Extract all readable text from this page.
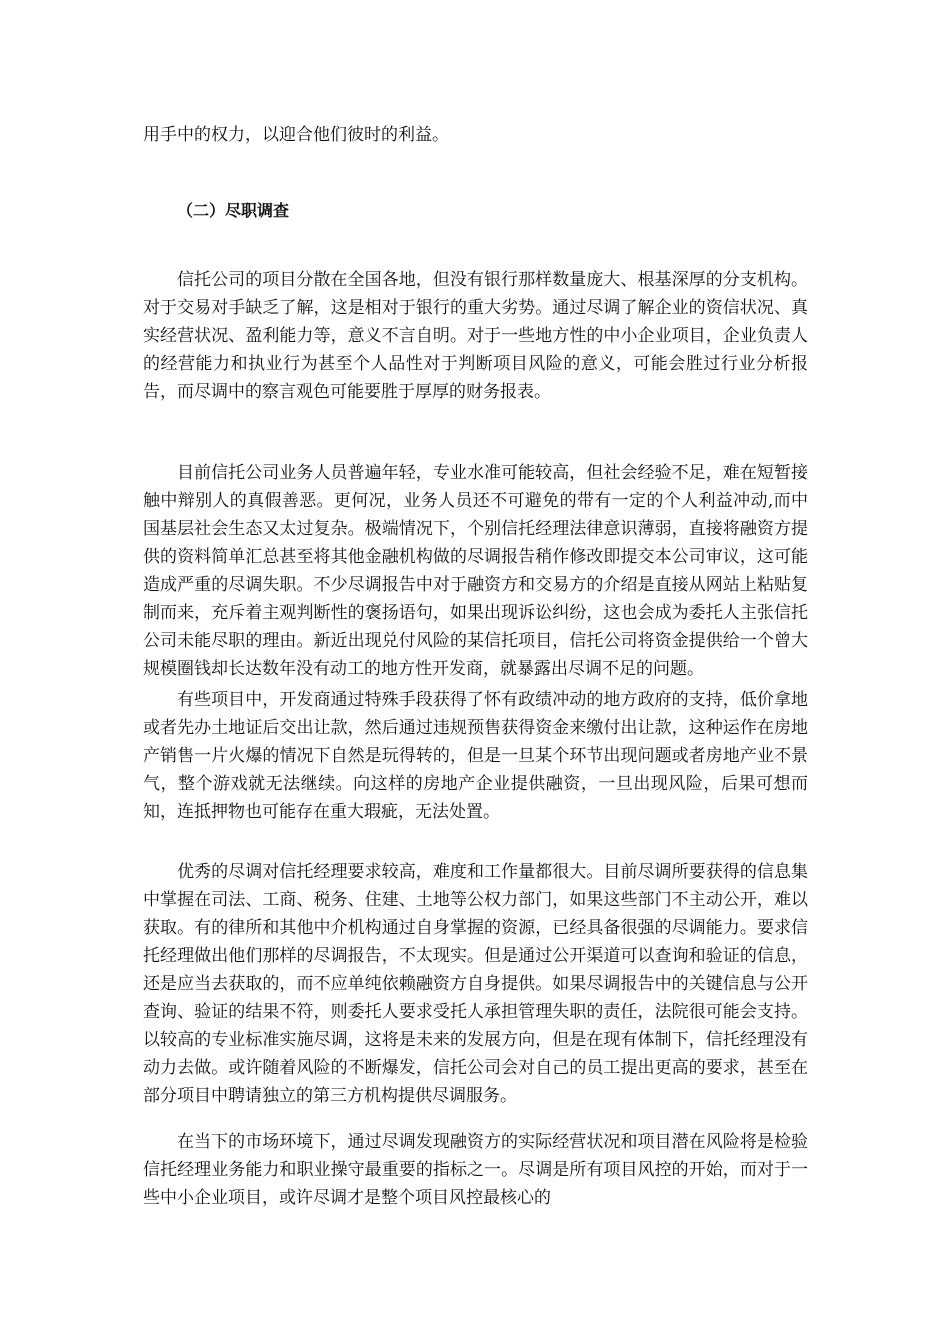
用手中的权力，以迎合他们彼时的利益。

（二）尽职调查

信托公司的项目分散在全国各地，但没有银行那样数量庞大、根基深厚的分支机构。对于交易对手缺乏了解，这是相对于银行的重大劣势。通过尽调了解企业的资信状况、真实经营状况、盈利能力等，意义不言自明。对于一些地方性的中小企业项目，企业负责人的经营能力和执业行为甚至个人品性对于判断项目风险的意义，可能会胜过行业分析报告，而尽调中的察言观色可能要胜于厚厚的财务报表。

目前信托公司业务人员普遍年轻，专业水准可能较高，但社会经验不足，难在短暂接触中辩别人的真假善恶。更何况，业务人员还不可避免的带有一定的个人利益冲动,而中国基层社会生态又太过复杂。极端情况下，个别信托经理法律意识薄弱，直接将融资方提供的资料简单汇总甚至将其他金融机构做的尽调报告稍作修改即提交本公司审议，这可能造成严重的尽调失职。不少尽调报告中对于融资方和交易方的介绍是直接从网站上粘贴复制而来，充斥着主观判断性的褒扬语句，如果出现诉讼纠纷，这也会成为委托人主张信托公司未能尽职的理由。新近出现兑付风险的某信托项目，信托公司将资金提供给一个曾大规模圈钱却长达数年没有动工的地方性开发商，就暴露出尽调不足的问题。

有些项目中，开发商通过特殊手段获得了怀有政绩冲动的地方政府的支持，低价拿地或者先办土地证后交出让款，然后通过违规预售获得资金来缴付出让款，这种运作在房地产销售一片火爆的情况下自然是玩得转的，但是一旦某个环节出现问题或者房地产业不景气，整个游戏就无法继续。向这样的房地产企业提供融资，一旦出现风险，后果可想而知，连抵押物也可能存在重大瑕疵，无法处置。

优秀的尽调对信托经理要求较高，难度和工作量都很大。目前尽调所要获得的信息集中掌握在司法、工商、税务、住建、土地等公权力部门，如果这些部门不主动公开，难以获取。有的律所和其他中介机构通过自身掌握的资源，已经具备很强的尽调能力。要求信托经理做出他们那样的尽调报告，不太现实。但是通过公开渠道可以查询和验证的信息，还是应当去获取的，而不应单纯依赖融资方自身提供。如果尽调报告中的关键信息与公开查询、验证的结果不符，则委托人要求受托人承担管理失职的责任，法院很可能会支持。以较高的专业标准实施尽调，这将是未来的发展方向，但是在现有体制下，信托经理没有动力去做。或许随着风险的不断爆发，信托公司会对自己的员工提出更高的要求，甚至在部分项目中聘请独立的第三方机构提供尽调服务。

在当下的市场环境下，通过尽调发现融资方的实际经营状况和项目潜在风险将是检验信托经理业务能力和职业操守最重要的指标之一。尽调是所有项目风控的开始，而对于一些中小企业项目，或许尽调才是整个项目风控最核心的
